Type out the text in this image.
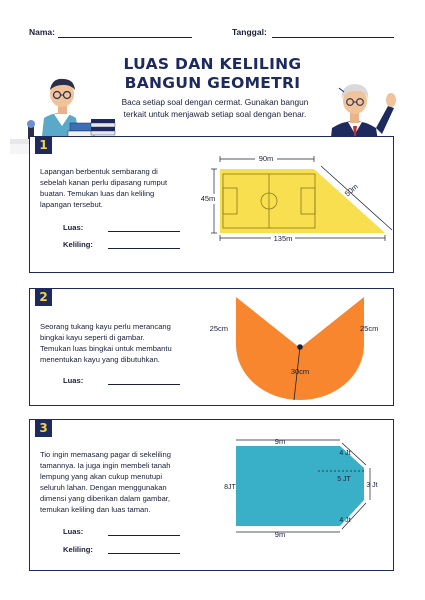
Nama:	Tanggal:
LUAS DAN KELILING
BANGUN GEOMETRI
Baca setiap soal dengan cermat. Gunakan bangun terkait untuk menjawab setiap soal dengan benar.
1
Lapangan berbentuk sembarang di
sebelah kanan perlu dipasang rumput
buatan. Temukan luas dan keliling
lapangan tersebut.
Luas:
Keliling:
90m
45m
50m
135m
2
Seorang tukang kayu perlu merancang
bingkai kayu seperti di gambar.
Temukan luas bingkai untuk membantu
menentukan kayu yang dibutuhkan.
Luas:
30cm
25cm	25cm
3
Tio ingin memasang pagar di sekeliling
tamannya. Ia juga ingin membeli tanah
lempung yang akan cukup menutupi
seluruh lahan. Dengan menggunakan
dimensi yang diberikan dalam gambar,
temukan keliling dan luas taman.
Luas:
Keliling:
5 JT
9m
9m
8JT
4 Jt
3 Jt
4 Jt
